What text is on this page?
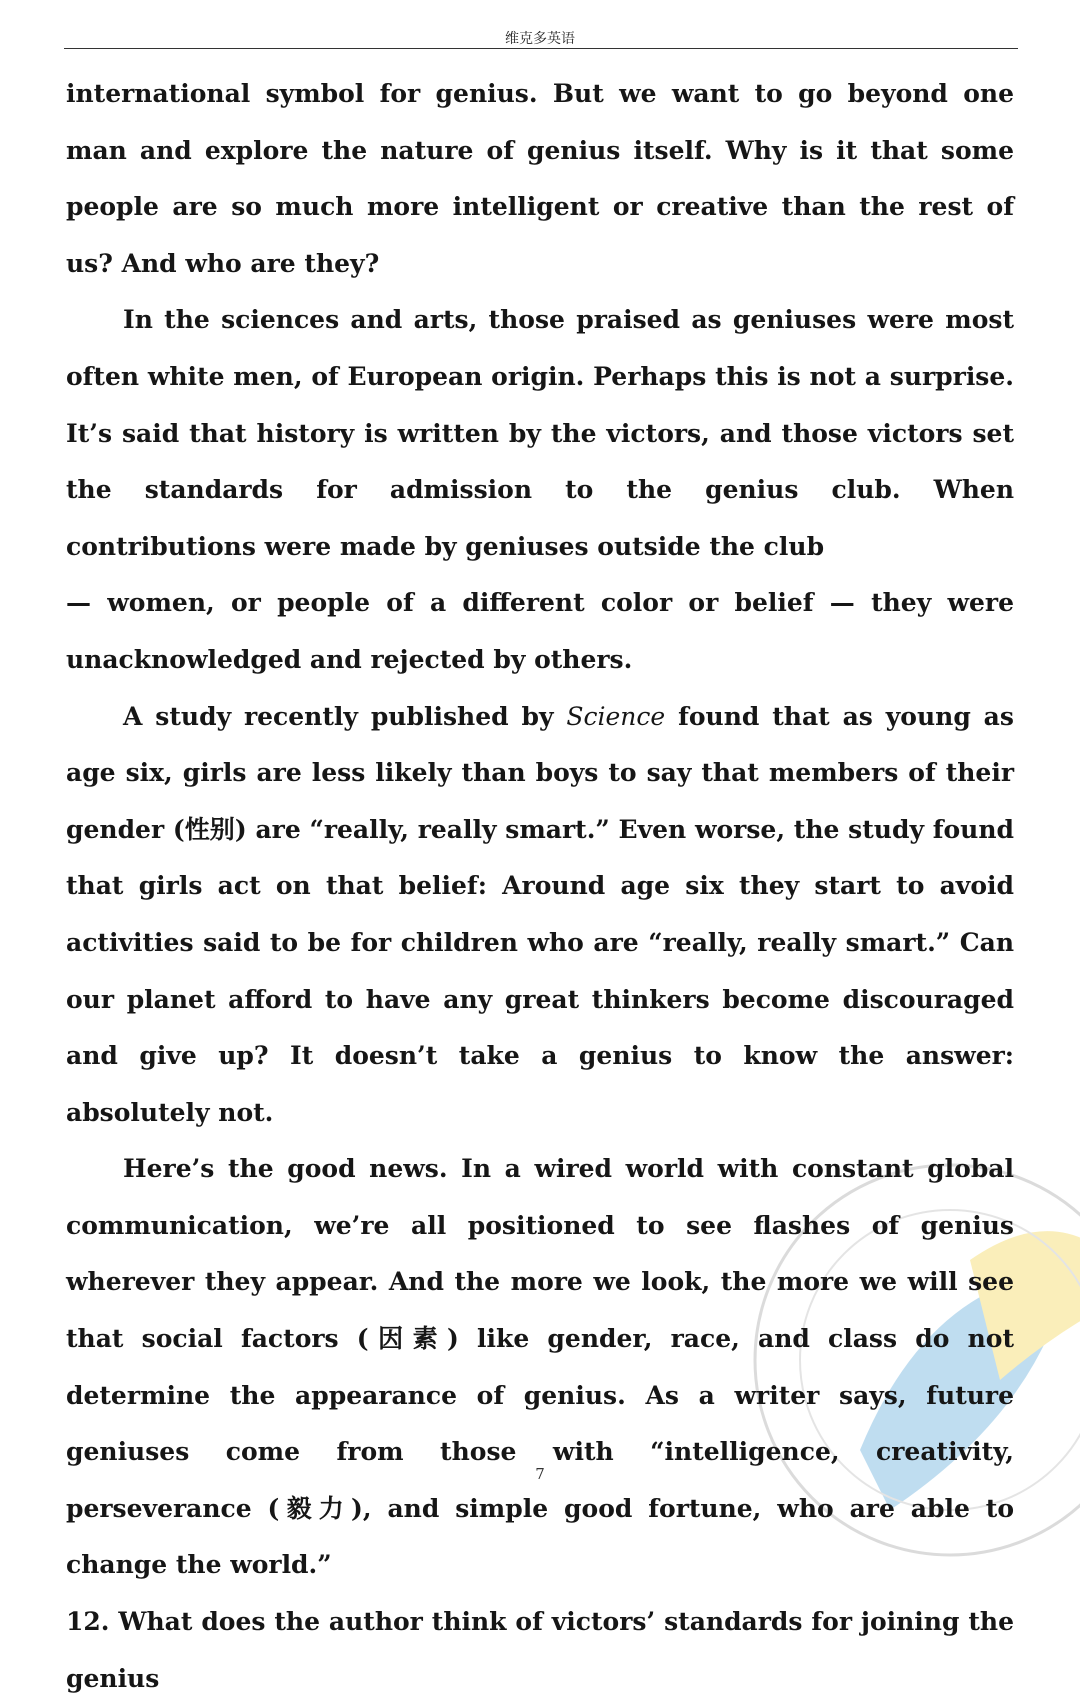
维克多英语

international symbol for genius. But we want to go beyond one man and explore the nature of genius itself. Why is it that some people are so much more intelligent or creative than the rest of us? And who are they?

In the sciences and arts, those praised as geniuses were most often white men, of European origin. Perhaps this is not a surprise. It’s said that history is written by the victors, and those victors set the standards for admission to the genius club. When contributions were made by geniuses outside the club

— women, or people of a different color or belief — they were

unacknowledged and rejected by others.

A study recently published by Science found that as young as age six, girls are less likely than boys to say that members of their gender (性别) are “really, really smart.” Even worse, the study found that girls act on that belief: Around age six they start to avoid activities said to be for children who are “really, really smart.” Can our planet afford to have any great thinkers become discouraged and give up? It doesn’t take a genius to know the answer: absolutely not.

Here’s the good news. In a wired world with constant global communication, we’re all positioned to see flashes of genius wherever they appear. And the more we look, the more we will see that social factors (因素) like gender, race, and class do not determine the appearance of genius. As a writer says, future geniuses come from those with “intelligence, creativity, perseverance (毅力), and simple good fortune, who are able to change the world.”

12. What does the author think of victors’ standards for joining the genius

7
